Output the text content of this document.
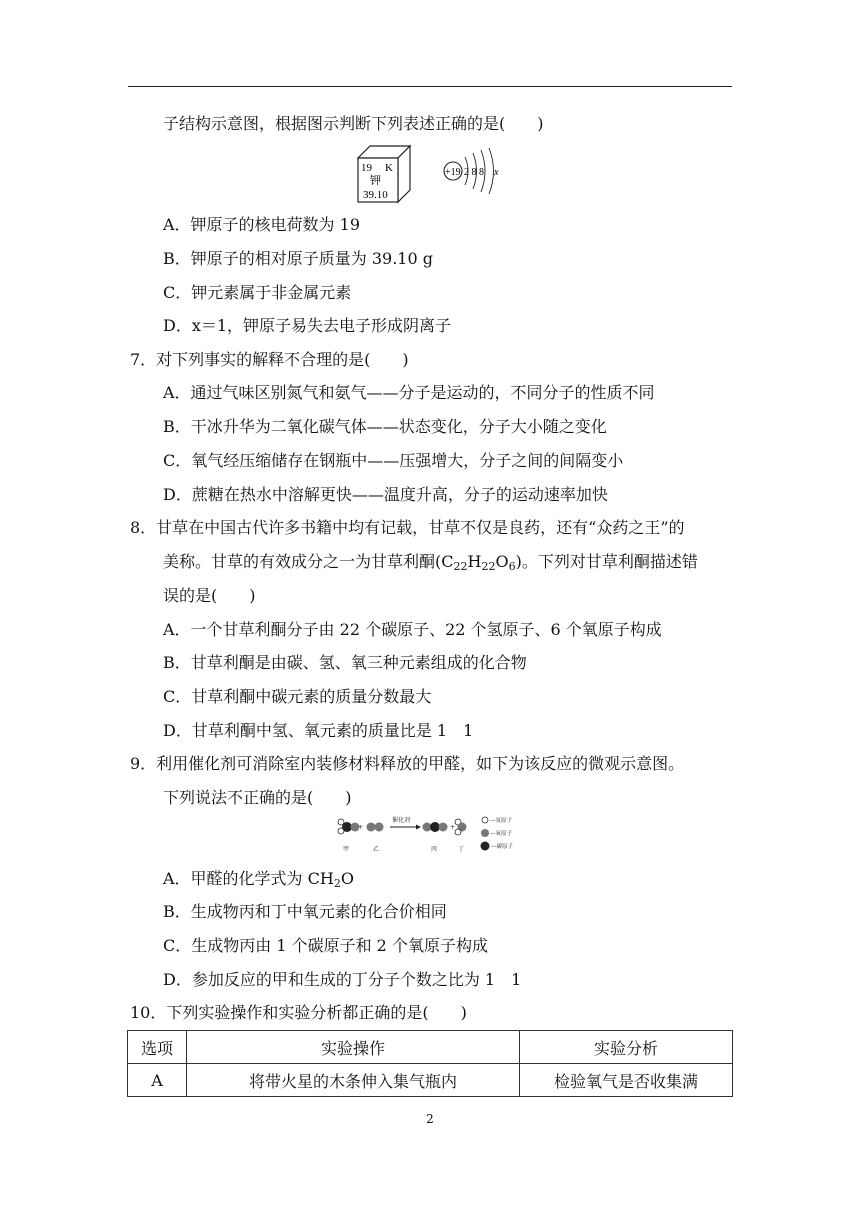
子结构示意图，根据图示判断下列表述正确的是(　　)
19 K
钾
39.10
+19 2 8 8 x
A．钾原子的核电荷数为 19
B．钾原子的相对原子质量为 39.10 g
C．钾元素属于非金属元素
D．x＝1，钾原子易失去电子形成阴离子
7．对下列事实的解释不合理的是(　　)
A．通过气味区别氮气和氨气——分子是运动的，不同分子的性质不同
B．干冰升华为二氧化碳气体——状态变化，分子大小随之变化
C．氧气经压缩储存在钢瓶中——压强增大，分子之间的间隔变小
D．蔗糖在热水中溶解更快——温度升高，分子的运动速率加快
8．甘草在中国古代许多书籍中均有记载，甘草不仅是良药，还有“众药之王”的
美称。甘草的有效成分之一为甘草利酮$(C_{22}H_{22}O_6)$。下列对甘草利酮描述错
误的是(　　)
A．一个甘草利酮分子由 22 个碳原子、22 个氢原子、6 个氧原子构成
B．甘草利酮是由碳、氢、氧三种元素组成的化合物
C．甘草利酮中碳元素的质量分数最大
D．甘草利酮中氢、氧元素的质量比是 1　1
9．利用催化剂可消除室内装修材料释放的甲醛，如下为该反应的微观示意图。
下列说法不正确的是(　　)
+
催化剂
+
甲	乙	丙	丁
—氢原子
—氧原子
—碳原子
A．甲醛的化学式为 $CH_2O$
B．生成物丙和丁中氧元素的化合价相同
C．生成物丙由 1 个碳原子和 2 个氧原子构成
D．参加反应的甲和生成的丁分子个数之比为 1　1
10．下列实验操作和实验分析都正确的是(　　)
选项	实验操作	实验分析
A	将带火星的木条伸入集气瓶内	检验氧气是否收集满
2
